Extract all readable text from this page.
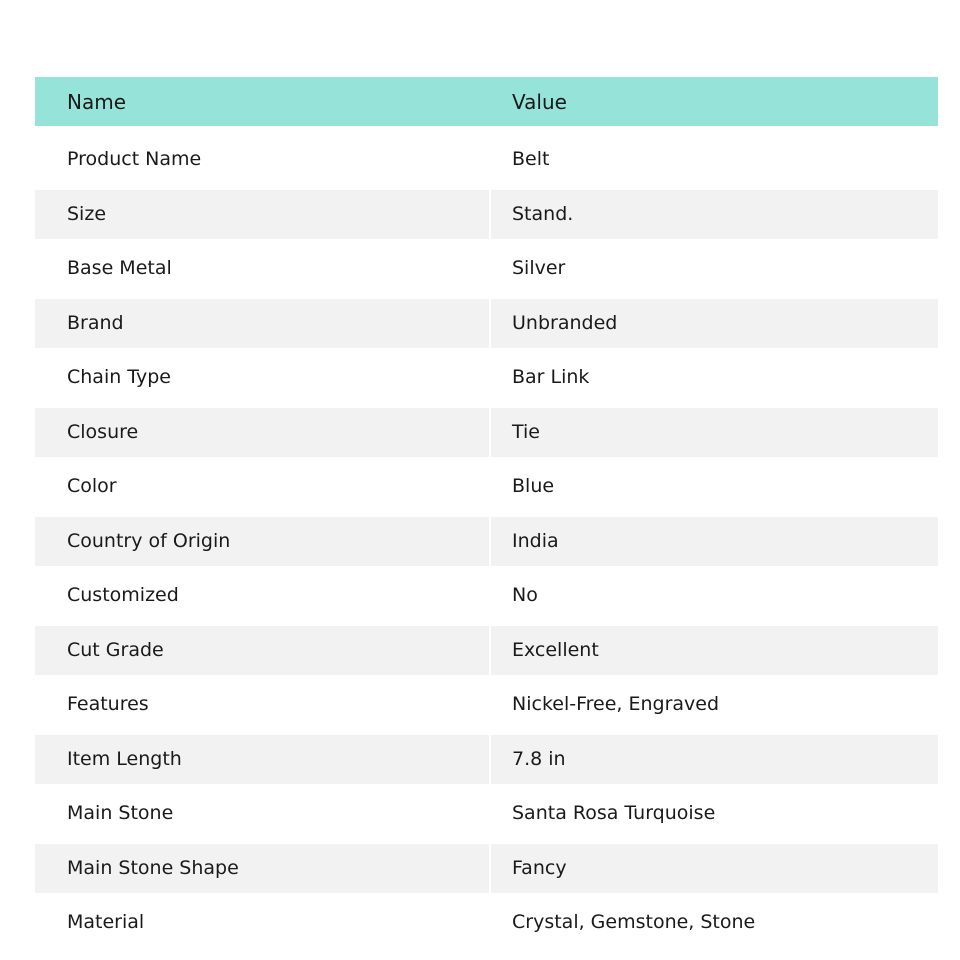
Name	Value
Product Name	Belt
Size	Stand.
Base Metal	Silver
Brand	Unbranded
Chain Type	Bar Link
Closure	Tie
Color	Blue
Country of Origin	India
Customized	No
Cut Grade	Excellent
Features	Nickel-Free, Engraved
Item Length	7.8 in
Main Stone	Santa Rosa Turquoise
Main Stone Shape	Fancy
Material	Crystal, Gemstone, Stone
